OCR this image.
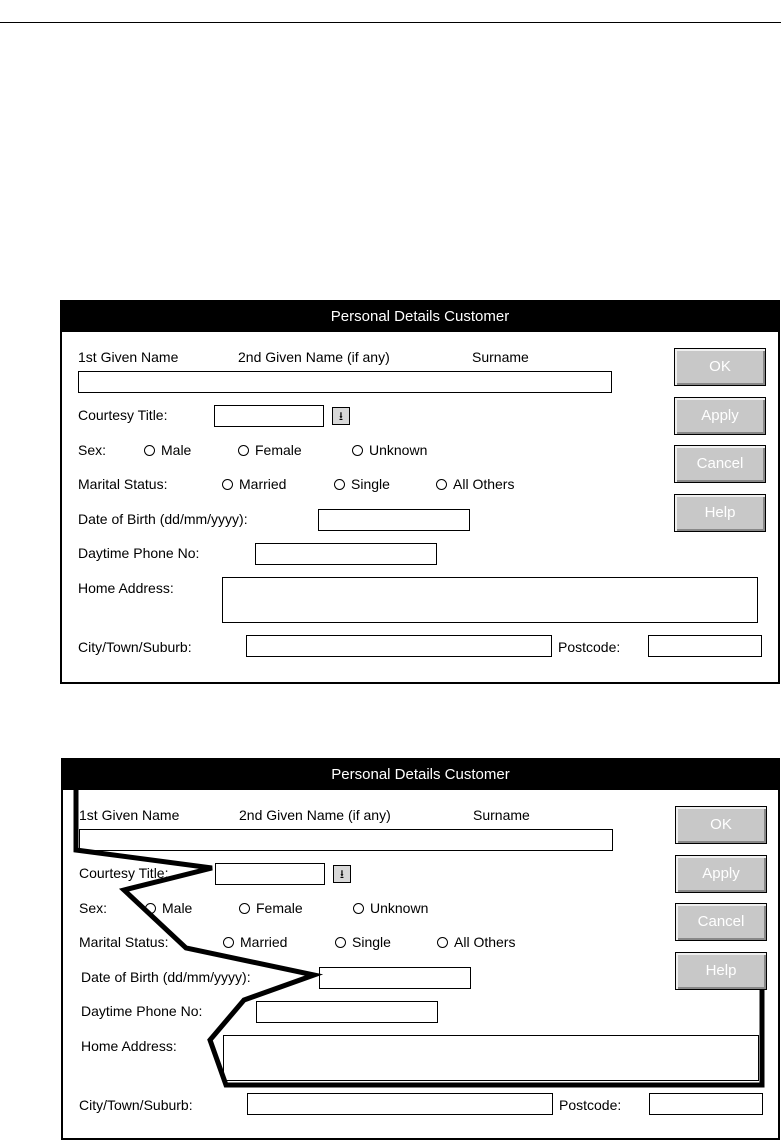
Personal Details Customer
1st Given Name	2nd Given Name (if any)	Surname
Courtesy Title:	⭳
Sex:	Male	Female	Unknown
Marital Status:	Married	Single	All Others
Date of Birth (dd/mm/yyyy):
Daytime Phone No:
Home Address:
City/Town/Suburb:	Postcode:
OK
Apply
Cancel
Help
Personal Details Customer
1st Given Name	2nd Given Name (if any)	Surname
Courtesy Title:	⭳
Sex:	Male	Female	Unknown
Marital Status:	Married	Single	All Others
Date of Birth (dd/mm/yyyy):
Daytime Phone No:
Home Address:
City/Town/Suburb:	Postcode:
OK
Apply
Cancel
Help
